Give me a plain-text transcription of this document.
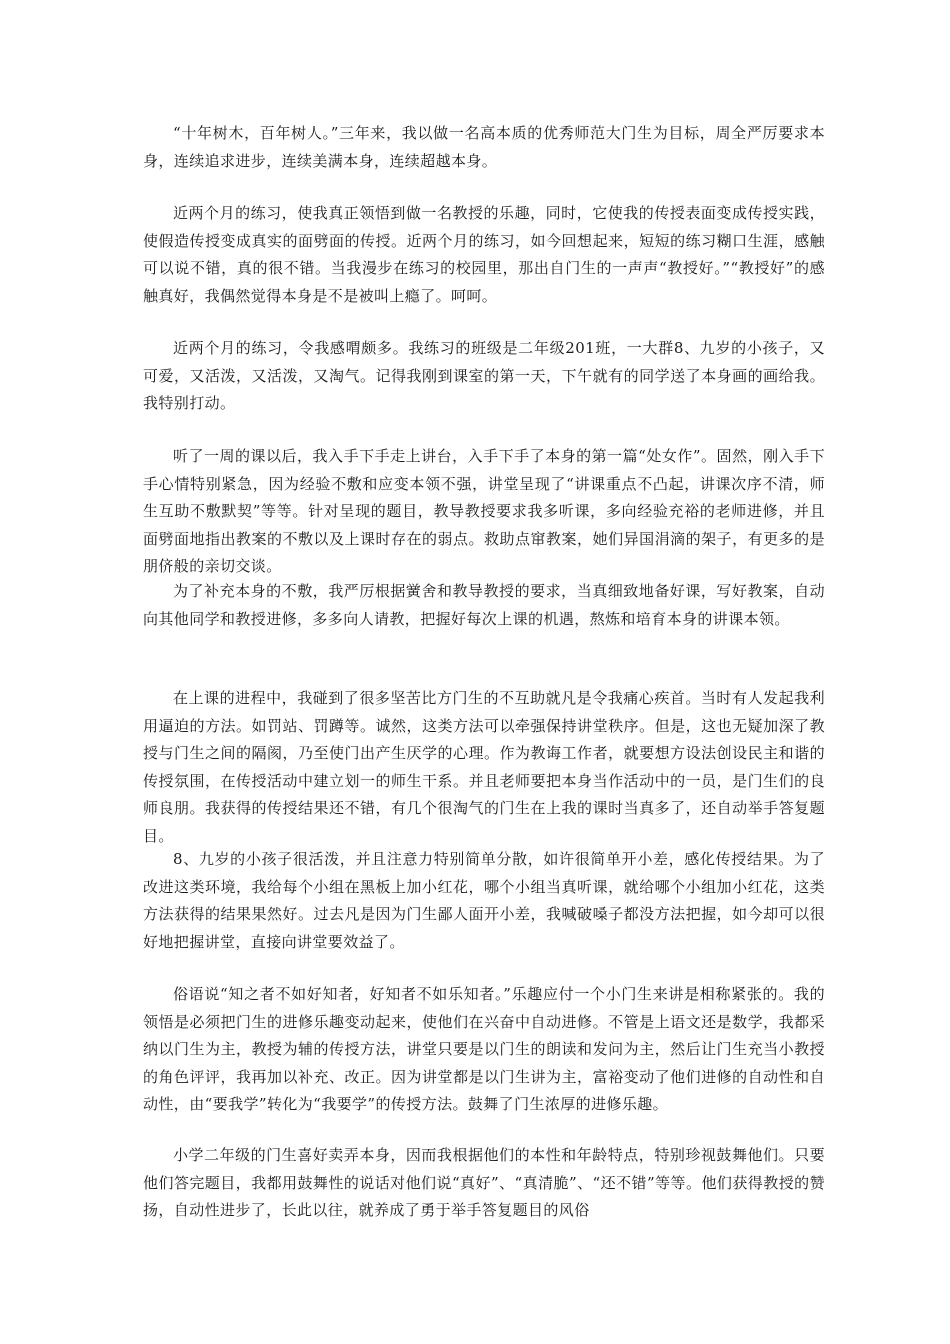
“十年树木，百年树人。”三年来，我以做一名高本质的优秀师范大门生为目标，周全严厉要求本身，连续追求进步，连续美满本身，连续超越本身。

近两个月的练习，使我真正领悟到做一名教授的乐趣，同时，它使我的传授表面变成传授实践，使假造传授变成真实的面劈面的传授。近两个月的练习，如今回想起来，短短的练习糊口生涯，感触可以说不错，真的很不错。当我漫步在练习的校园里，那出自门生的一声声“教授好。”“教授好”的感触真好，我偶然觉得本身是不是被叫上瘾了。呵呵。

近两个月的练习，令我感喟颇多。我练习的班级是二年级201班，一大群8、九岁的小孩子，又可爱，又活泼，又活泼，又淘气。记得我刚到课室的第一天，下午就有的同学送了本身画的画给我。我特别打动。

听了一周的课以后，我入手下手走上讲台，入手下手了本身的第一篇“处女作”。固然，刚入手下手心情特别紧急，因为经验不敷和应变本领不强，讲堂呈现了“讲课重点不凸起，讲课次序不清，师生互助不敷默契”等等。针对呈现的题目，教导教授要求我多听课，多向经验充裕的老师进修，并且面劈面地指出教案的不敷以及上课时存在的弱点。救助点窜教案，她们异国涓滴的架子，有更多的是朋侪般的亲切交谈。

为了补充本身的不敷，我严厉根据黉舍和教导教授的要求，当真细致地备好课，写好教案，自动向其他同学和教授进修，多多向人请教，把握好每次上课的机遇，熬炼和培育本身的讲课本领。

在上课的进程中，我碰到了很多坚苦比方门生的不互助就凡是令我痛心疾首。当时有人发起我利用逼迫的方法。如罚站、罚蹲等。诚然，这类方法可以牵强保持讲堂秩序。但是，这也无疑加深了教授与门生之间的隔阂，乃至使门出产生厌学的心理。作为教诲工作者，就要想方设法创设民主和谐的传授氛围，在传授活动中建立划一的师生干系。并且老师要把本身当作活动中的一员，是门生们的良师良朋。我获得的传授结果还不错，有几个很淘气的门生在上我的课时当真多了，还自动举手答复题目。

8、九岁的小孩子很活泼，并且注意力特别简单分散，如许很简单开小差，感化传授结果。为了改进这类环境，我给每个小组在黑板上加小红花，哪个小组当真听课，就给哪个小组加小红花，这类方法获得的结果果然好。过去凡是因为门生鄙人面开小差，我喊破嗓子都没方法把握，如今却可以很好地把握讲堂，直接向讲堂要效益了。

俗语说“知之者不如好知者，好知者不如乐知者。”乐趣应付一个小门生来讲是相称紧张的。我的领悟是必须把门生的进修乐趣变动起来，使他们在兴奋中自动进修。不管是上语文还是数学，我都采纳以门生为主，教授为辅的传授方法，讲堂只要是以门生的朗读和发问为主，然后让门生充当小教授的角色评评，我再加以补充、改正。因为讲堂都是以门生讲为主，富裕变动了他们进修的自动性和自动性，由“要我学”转化为“我要学”的传授方法。鼓舞了门生浓厚的进修乐趣。

小学二年级的门生喜好卖弄本身，因而我根据他们的本性和年龄特点，特别珍视鼓舞他们。只要他们答完题目，我都用鼓舞性的说话对他们说“真好”、“真清脆”、“还不错”等等。他们获得教授的赞扬，自动性进步了，长此以往，就养成了勇于举手答复题目的风俗
